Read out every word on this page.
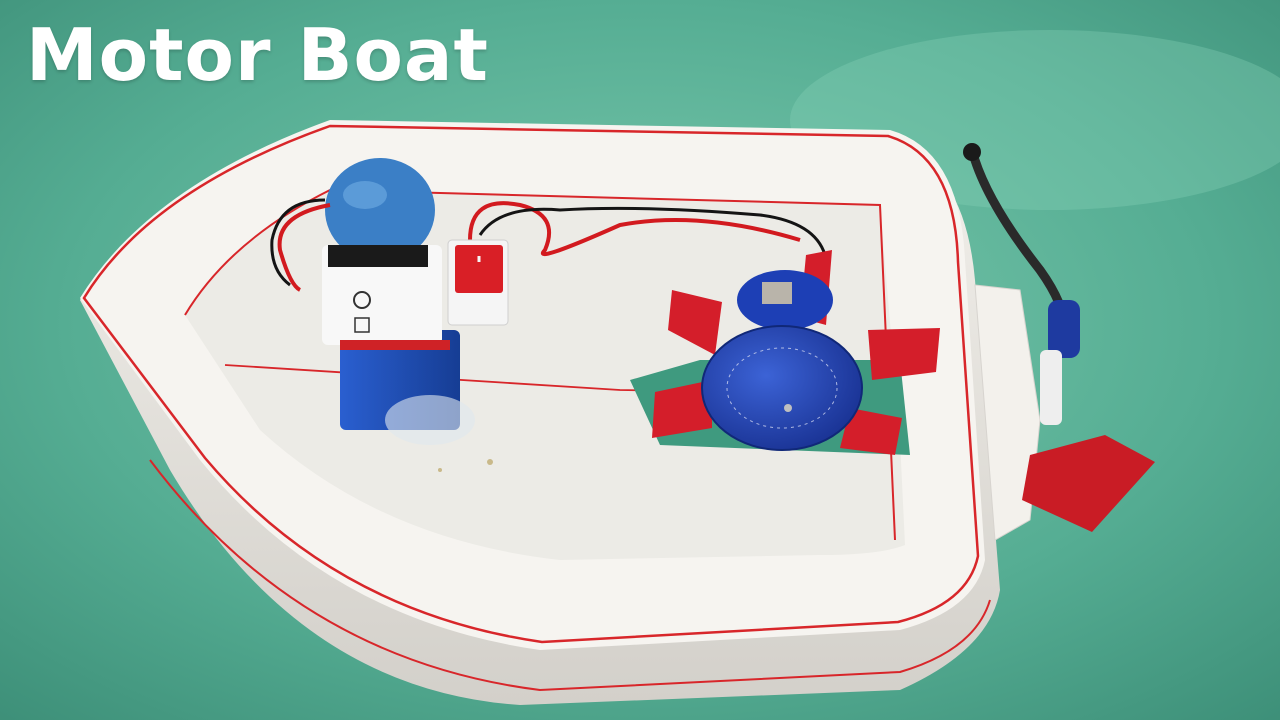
Motor Boat
